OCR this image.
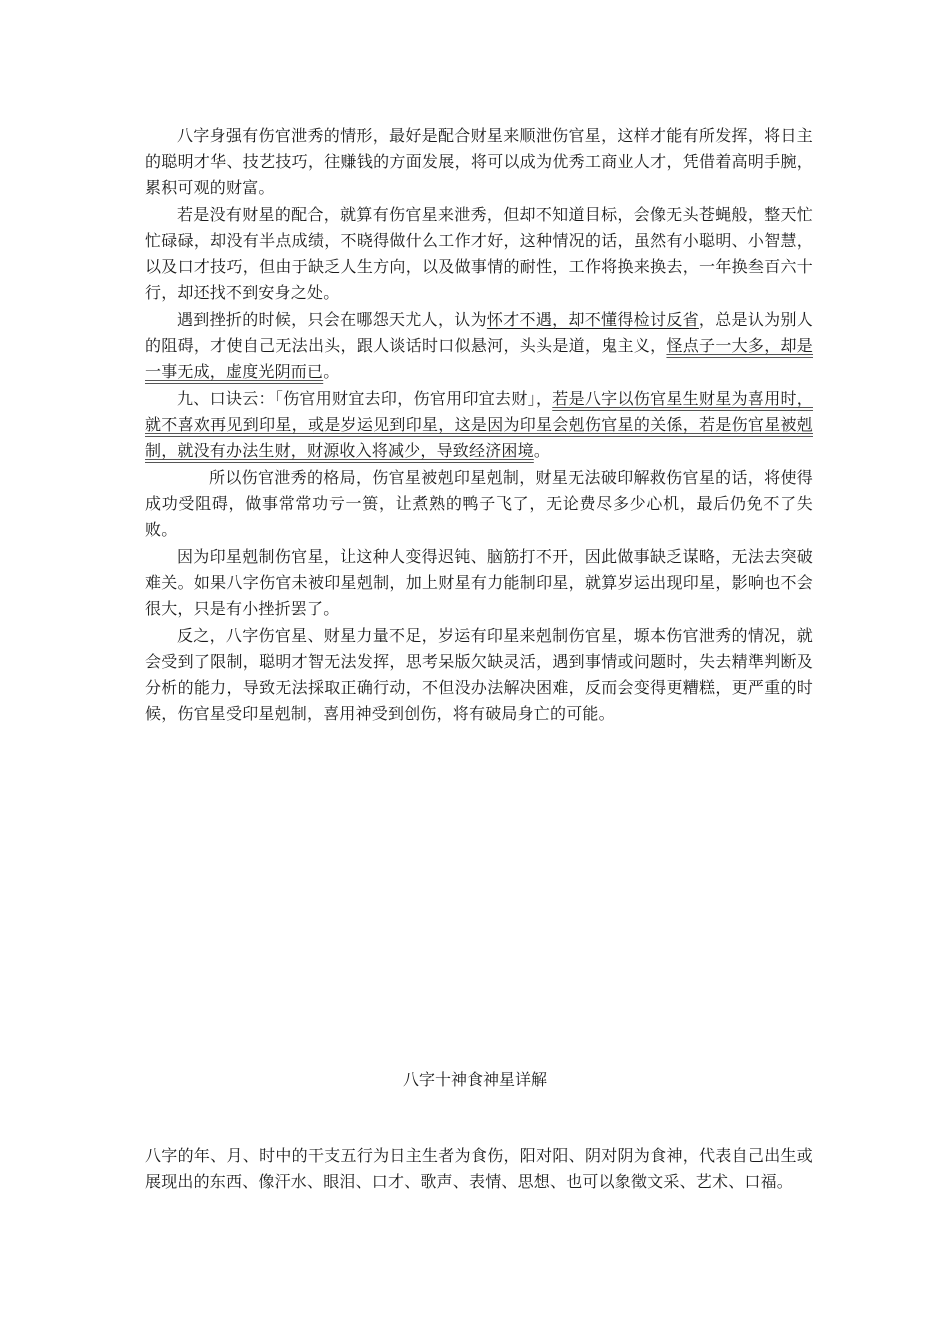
八字身强有伤官泄秀的情形，最好是配合财星来顺泄伤官星，这样才能有所发挥，将日主的聪明才华、技艺技巧，往赚钱的方面发展，将可以成为优秀工商业人才，凭借着高明手腕，累积可观的财富。

若是没有财星的配合，就算有伤官星来泄秀，但却不知道目标，会像无头苍蝇般，整天忙忙碌碌，却没有半点成绩，不晓得做什么工作才好，这种情况的话，虽然有小聪明、小智慧，以及口才技巧，但由于缺乏人生方向，以及做事情的耐性，工作将换来换去，一年换叁百六十行，却还找不到安身之处。

遇到挫折的时候，只会在哪怨天尤人，认为怀才不遇，却不懂得检讨反省，总是认为别人的阻碍，才使自己无法出头，跟人谈话时口似悬河，头头是道，鬼主义，怪点子一大多，却是一事无成，虚度光阴而已。

九、口诀云：「伤官用财宜去印，伤官用印宜去财」，若是八字以伤官星生财星为喜用时，就不喜欢再见到印星，或是岁运见到印星，这是因为印星会剋伤官星的关係，若是伤官星被剋制，就没有办法生财，财源收入将减少，导致经济困境。

所以伤官泄秀的格局，伤官星被剋印星剋制，财星无法破印解救伤官星的话，将使得成功受阻碍，做事常常功亏一篑，让煮熟的鸭子飞了，无论费尽多少心机，最后仍免不了失败。

因为印星剋制伤官星，让这种人变得迟钝、脑筋打不开，因此做事缺乏谋略，无法去突破难关。如果八字伤官未被印星剋制，加上财星有力能制印星，就算岁运出现印星，影响也不会很大，只是有小挫折罢了。

反之，八字伤官星、财星力量不足，岁运有印星来剋制伤官星，塬本伤官泄秀的情况，就会受到了限制，聪明才智无法发挥，思考呆版欠缺灵活，遇到事情或问题时，失去精準判断及分析的能力，导致无法採取正确行动，不但没办法解决困难，反而会变得更糟糕，更严重的时候，伤官星受印星剋制，喜用神受到创伤，将有破局身亡的可能。

八字十神食神星详解

八字的年、月、时中的干支五行为日主生者为食伤，阳对阳、阴对阴为食神，代表自己出生或展现出的东西、像汗水、眼泪、口才、歌声、表情、思想、也可以象徵文采、艺术、口福。
